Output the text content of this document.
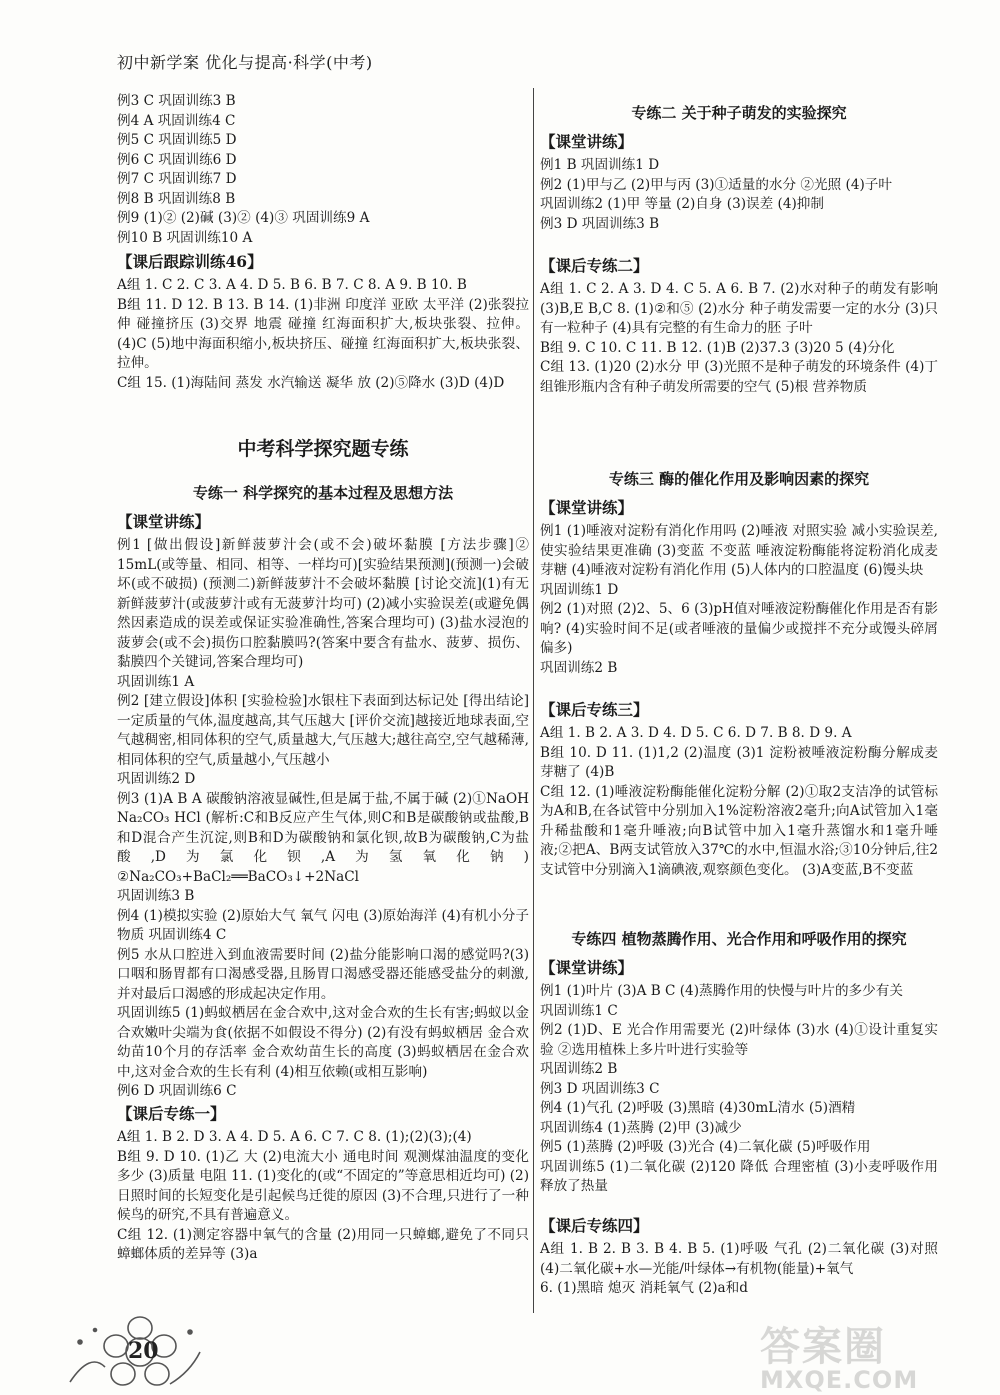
初中新学案 优化与提高·科学(中考)
例3 C 巩固训练3 B
例4 A 巩固训练4 C
例5 C 巩固训练5 D
例6 C 巩固训练6 D
例7 C 巩固训练7 D
例8 B 巩固训练8 B
例9 (1)② (2)碱 (3)② (4)③ 巩固训练9 A
例10 B 巩固训练10 A
【课后跟踪训练46】
A组 1. C 2. C 3. A 4. D 5. B 6. B 7. C 8. A 9. B 10. B
B组 11. D 12. B 13. B 14. (1)非洲 印度洋 亚欧 太平洋 (2)张裂拉伸 碰撞挤压 (3)交界 地震 碰撞 红海面积扩大,板块张裂、拉伸。(4)C (5)地中海面积缩小,板块挤压、碰撞 红海面积扩大,板块张裂、拉伸。
C组 15. (1)海陆间 蒸发 水汽输送 凝华 放 (2)⑤降水 (3)D (4)D
中考科学探究题专练
专练一 科学探究的基本过程及思想方法
【课堂讲练】
例1 [做出假设]新鲜菠萝汁会(或不会)破坏黏膜 [方法步骤]② 15mL(或等量、相同、相等、一样均可)[实验结果预测](预测一)会破坏(或不破损) (预测二)新鲜菠萝汁不会破坏黏膜 [讨论交流](1)有无新鲜菠萝汁(或菠萝汁或有无菠萝汁均可) (2)减小实验误差(或避免偶然因素造成的误差或保证实验准确性,答案合理均可) (3)盐水浸泡的菠萝会(或不会)损伤口腔黏膜吗?(答案中要含有盐水、菠萝、损伤、黏膜四个关键词,答案合理均可)
巩固训练1 A
例2 [建立假设]体积 [实验检验]水银柱下表面到达标记处 [得出结论]一定质量的气体,温度越高,其气压越大 [评价交流]越接近地球表面,空气越稠密,相同体积的空气,质量越大,气压越大;越往高空,空气越稀薄,相同体积的空气,质量越小,气压越小
巩固训练2 D
例3 (1)A B A 碳酸钠溶液显碱性,但是属于盐,不属于碱 (2)①NaOH Na₂CO₃ HCl (解析:C和B反应产生气体,则C和B是碳酸钠或盐酸,B和D混合产生沉淀,则B和D为碳酸钠和氯化钡,故B为碳酸钠,C为盐酸,D为氯化钡,A为氢氧化钠) ②Na₂CO₃+BaCl₂══BaCO₃↓+2NaCl
巩固训练3 B
例4 (1)模拟实验 (2)原始大气 氧气 闪电 (3)原始海洋 (4)有机小分子物质 巩固训练4 C
例5 水从口腔进入到血液需要时间 (2)盐分能影响口渴的感觉吗?(3)口咽和肠胃都有口渴感受器,且肠胃口渴感受器还能感受盐分的刺激,并对最后口渴感的形成起决定作用。
巩固训练5 (1)蚂蚁栖居在金合欢中,这对金合欢的生长有害;蚂蚁以金合欢嫩叶尖端为食(依据不如假设不得分) (2)有没有蚂蚁栖居 金合欢幼苗10个月的存活率 金合欢幼苗生长的高度 (3)蚂蚁栖居在金合欢中,这对金合欢的生长有利 (4)相互依赖(或相互影响)
例6 D 巩固训练6 C
【课后专练一】
A组 1. B 2. D 3. A 4. D 5. A 6. C 7. C 8. (1);(2)(3);(4)
B组 9. D 10. (1)乙 大 (2)电流大小 通电时间 观测煤油温度的变化多少 (3)质量 电阻 11. (1)变化的(或“不固定的”等意思相近均可) (2)日照时间的长短变化是引起候鸟迁徙的原因 (3)不合理,只进行了一种候鸟的研究,不具有普遍意义。
C组 12. (1)测定容器中氧气的含量 (2)用同一只蟑螂,避免了不同只蟑螂体质的差异等 (3)a
专练二 关于种子萌发的实验探究
【课堂讲练】
例1 B 巩固训练1 D
例2 (1)甲与乙 (2)甲与丙 (3)①适量的水分 ②光照 (4)子叶
巩固训练2 (1)甲 等量 (2)自身 (3)误差 (4)抑制
例3 D 巩固训练3 B
【课后专练二】
A组 1. C 2. A 3. D 4. C 5. A 6. B 7. (2)水对种子的萌发有影响 (3)B,E B,C 8. (1)②和⑤ (2)水分 种子萌发需要一定的水分 (3)只有一粒种子 (4)具有完整的有生命力的胚 子叶
B组 9. C 10. C 11. B 12. (1)B (2)37.3 (3)20 5 (4)分化
C组 13. (1)20 (2)水分 甲 (3)光照不是种子萌发的环境条件 (4)丁组锥形瓶内含有种子萌发所需要的空气 (5)根 营养物质
专练三 酶的催化作用及影响因素的探究
【课堂讲练】
例1 (1)唾液对淀粉有消化作用吗 (2)唾液 对照实验 减小实验误差,使实验结果更准确 (3)变蓝 不变蓝 唾液淀粉酶能将淀粉消化成麦芽糖 (4)唾液对淀粉有消化作用 (5)人体内的口腔温度 (6)馒头块
巩固训练1 D
例2 (1)对照 (2)2、5、6 (3)pH值对唾液淀粉酶催化作用是否有影响? (4)实验时间不足(或者唾液的量偏少或搅拌不充分或馒头碎屑偏多)
巩固训练2 B
【课后专练三】
A组 1. B 2. A 3. D 4. D 5. C 6. D 7. B 8. D 9. A
B组 10. D 11. (1)1,2 (2)温度 (3)1 淀粉被唾液淀粉酶分解成麦芽糖了 (4)B
C组 12. (1)唾液淀粉酶能催化淀粉分解 (2)①取2支洁净的试管标为A和B,在各试管中分别加入1%淀粉溶液2毫升;向A试管加入1毫升稀盐酸和1毫升唾液;向B试管中加入1毫升蒸馏水和1毫升唾液;②把A、B两支试管放入37℃的水中,恒温水浴;③10分钟后,往2支试管中分别滴入1滴碘液,观察颜色变化。 (3)A变蓝,B不变蓝
专练四 植物蒸腾作用、光合作用和呼吸作用的探究
【课堂讲练】
例1 (1)叶片 (3)A B C (4)蒸腾作用的快慢与叶片的多少有关
巩固训练1 C
例2 (1)D、E 光合作用需要光 (2)叶绿体 (3)水 (4)①设计重复实验 ②选用植株上多片叶进行实验等
巩固训练2 B
例3 D 巩固训练3 C
例4 (1)气孔 (2)呼吸 (3)黑暗 (4)30mL清水 (5)酒精
巩固训练4 (1)蒸腾 (2)甲 (3)减少
例5 (1)蒸腾 (2)呼吸 (3)光合 (4)二氧化碳 (5)呼吸作用
巩固训练5 (1)二氧化碳 (2)120 降低 合理密植 (3)小麦呼吸作用释放了热量
【课后专练四】
A组 1. B 2. B 3. B 4. B 5. (1)呼吸 气孔 (2)二氧化碳 (3)对照 (4)二氧化碳+水—光能/叶绿体→有机物(能量)+氧气
6. (1)黑暗 熄灭 消耗氧气 (2)a和d
20	答案圈
MXQE.COM
